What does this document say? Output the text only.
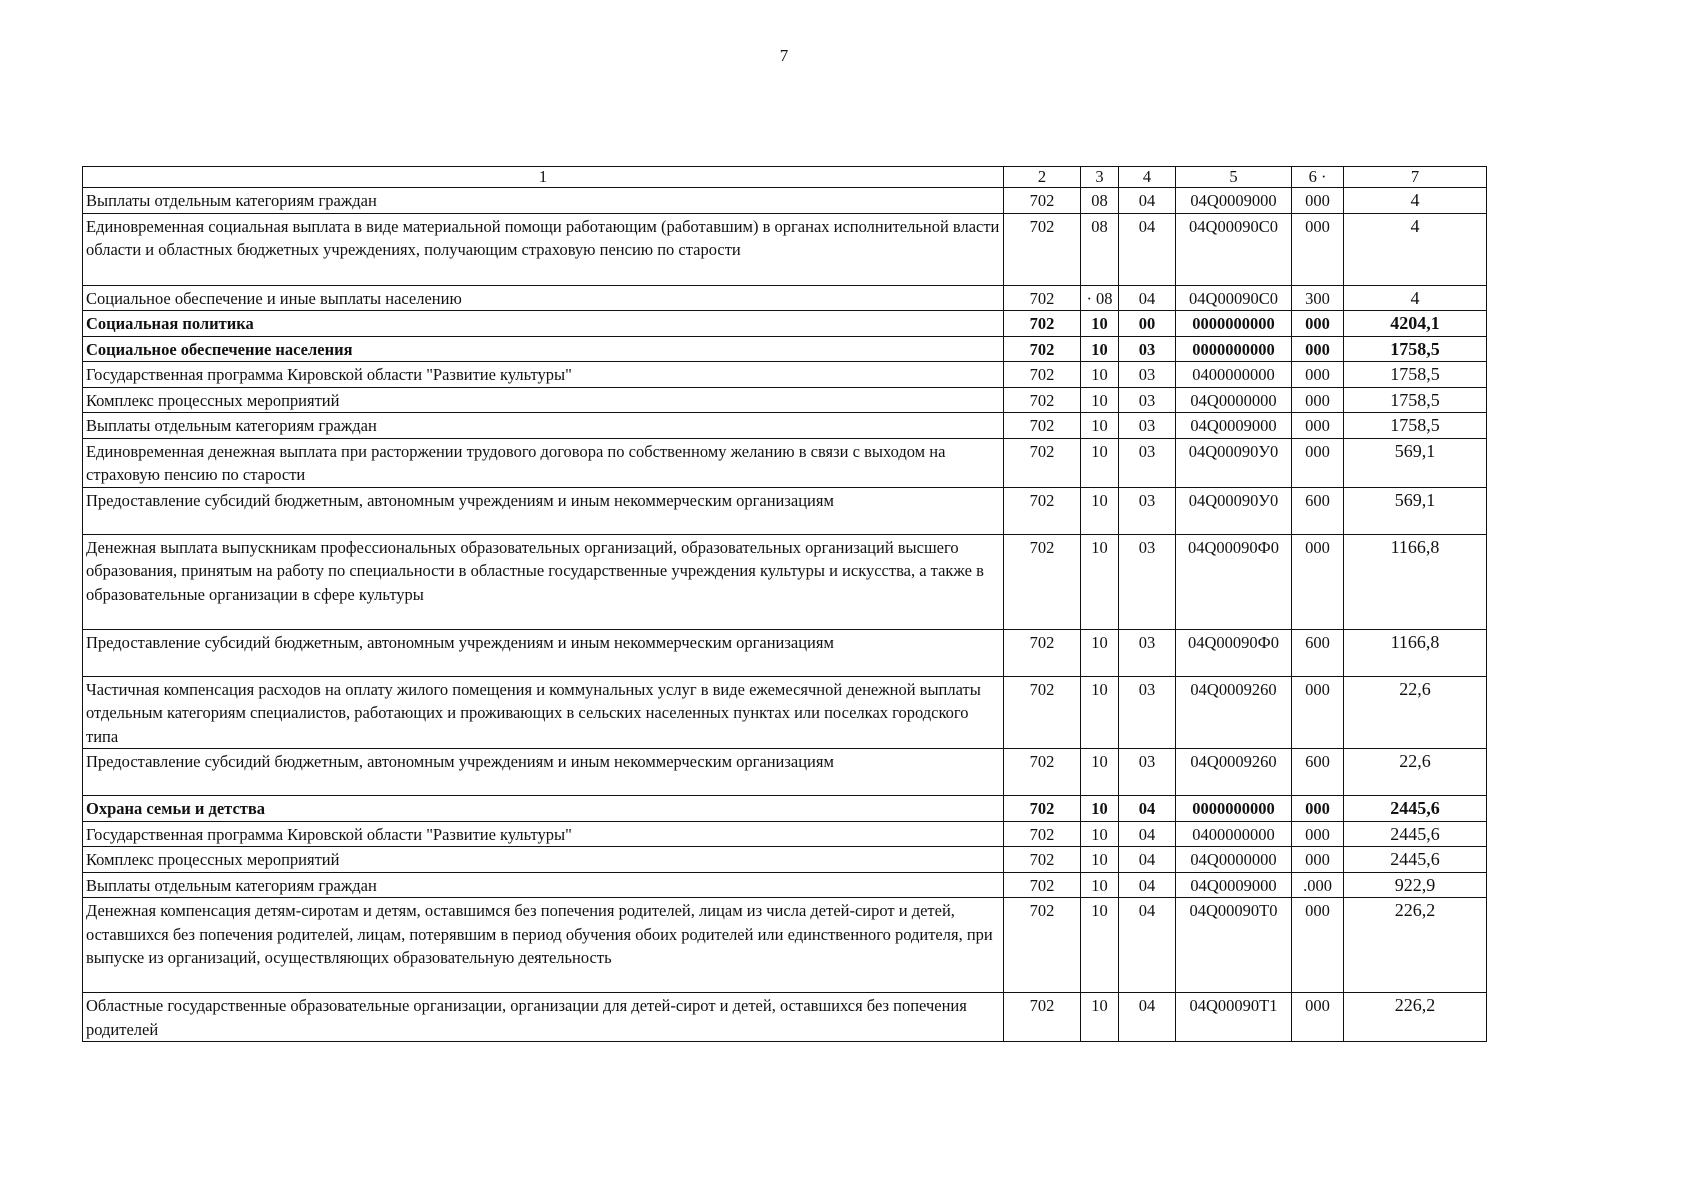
7
1	2	3	4	5	6 ·	7
Выплаты отдельным категориям граждан	702	08	04	04Q0009000	000	4
Единовременная социальная выплата в виде материальной помощи работающим (работавшим) в органах исполнительной власти области и областных бюджетных учреждениях, получающим страховую пенсию по старости	702	08	04	04Q00090C0	000	4
Социальное обеспечение и иные выплаты населению	702	· 08	04	04Q00090C0	300	4
Социальная политика	702	10	00	0000000000	000	4204,1
Социальное обеспечение населения	702	10	03	0000000000	000	1758,5
Государственная программа Кировской области "Развитие культуры"	702	10	03	0400000000	000	1758,5
Комплекс процессных мероприятий	702	10	03	04Q0000000	000	1758,5
Выплаты отдельным категориям граждан	702	10	03	04Q0009000	000	1758,5
Единовременная денежная выплата при расторжении трудового договора по собственному желанию в связи с выходом на страховую пенсию по старости	702	10	03	04Q00090У0	000	569,1
Предоставление субсидий бюджетным, автономным учреждениям и иным некоммерческим организациям	702	10	03	04Q00090У0	600	569,1
Денежная выплата выпускникам профессиональных образовательных организаций, образовательных организаций высшего образования, принятым на работу по специальности в областные государственные учреждения культуры и искусства, а также в образовательные организации в сфере культуры	702	10	03	04Q00090Ф0	000	1166,8
Предоставление субсидий бюджетным, автономным учреждениям и иным некоммерческим организациям	702	10	03	04Q00090Ф0	600	1166,8
Частичная компенсация расходов на оплату жилого помещения и коммунальных услуг в виде ежемесячной денежной выплаты отдельным категориям специалистов, работающих и проживающих в сельских населенных пунктах или поселках городского типа	702	10	03	04Q0009260	000	22,6
Предоставление субсидий бюджетным, автономным учреждениям и иным некоммерческим организациям	702	10	03	04Q0009260	600	22,6
Охрана семьи и детства	702	10	04	0000000000	000	2445,6
Государственная программа Кировской области "Развитие культуры"	702	10	04	0400000000	000	2445,6
Комплекс процессных мероприятий	702	10	04	04Q0000000	000	2445,6
Выплаты отдельным категориям граждан	702	10	04	04Q0009000	.000	922,9
Денежная компенсация детям-сиротам и детям, оставшимся без попечения родителей, лицам из числа детей-сирот и детей, оставшихся без попечения родителей, лицам, потерявшим в период обучения обоих родителей или единственного родителя, при выпуске из организаций, осуществляющих образовательную деятельность	702	10	04	04Q00090Т0	000	226,2
Областные государственные образовательные организации, организации для детей-сирот и детей, оставшихся без попечения родителей	702	10	04	04Q00090Т1	000	226,2
